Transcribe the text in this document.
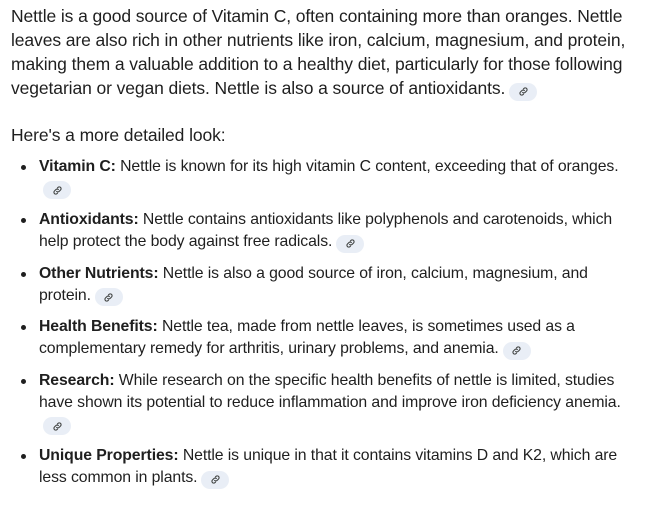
Nettle is a good source of Vitamin C, often containing more than oranges. Nettle leaves are also rich in other nutrients like iron, calcium, magnesium, and protein, making them a valuable addition to a healthy diet, particularly for those following vegetarian or vegan diets. Nettle is also a source of antioxidants.

Here's a more detailed look:

Vitamin C: Nettle is known for its high vitamin C content, exceeding that of oranges.
Antioxidants: Nettle contains antioxidants like polyphenols and carotenoids, which help protect the body against free radicals.
Other Nutrients: Nettle is also a good source of iron, calcium, magnesium, and protein.
Health Benefits: Nettle tea, made from nettle leaves, is sometimes used as a complementary remedy for arthritis, urinary problems, and anemia.
Research: While research on the specific health benefits of nettle is limited, studies have shown its potential to reduce inflammation and improve iron deficiency anemia.
Unique Properties: Nettle is unique in that it contains vitamins D and K2, which are less common in plants.
